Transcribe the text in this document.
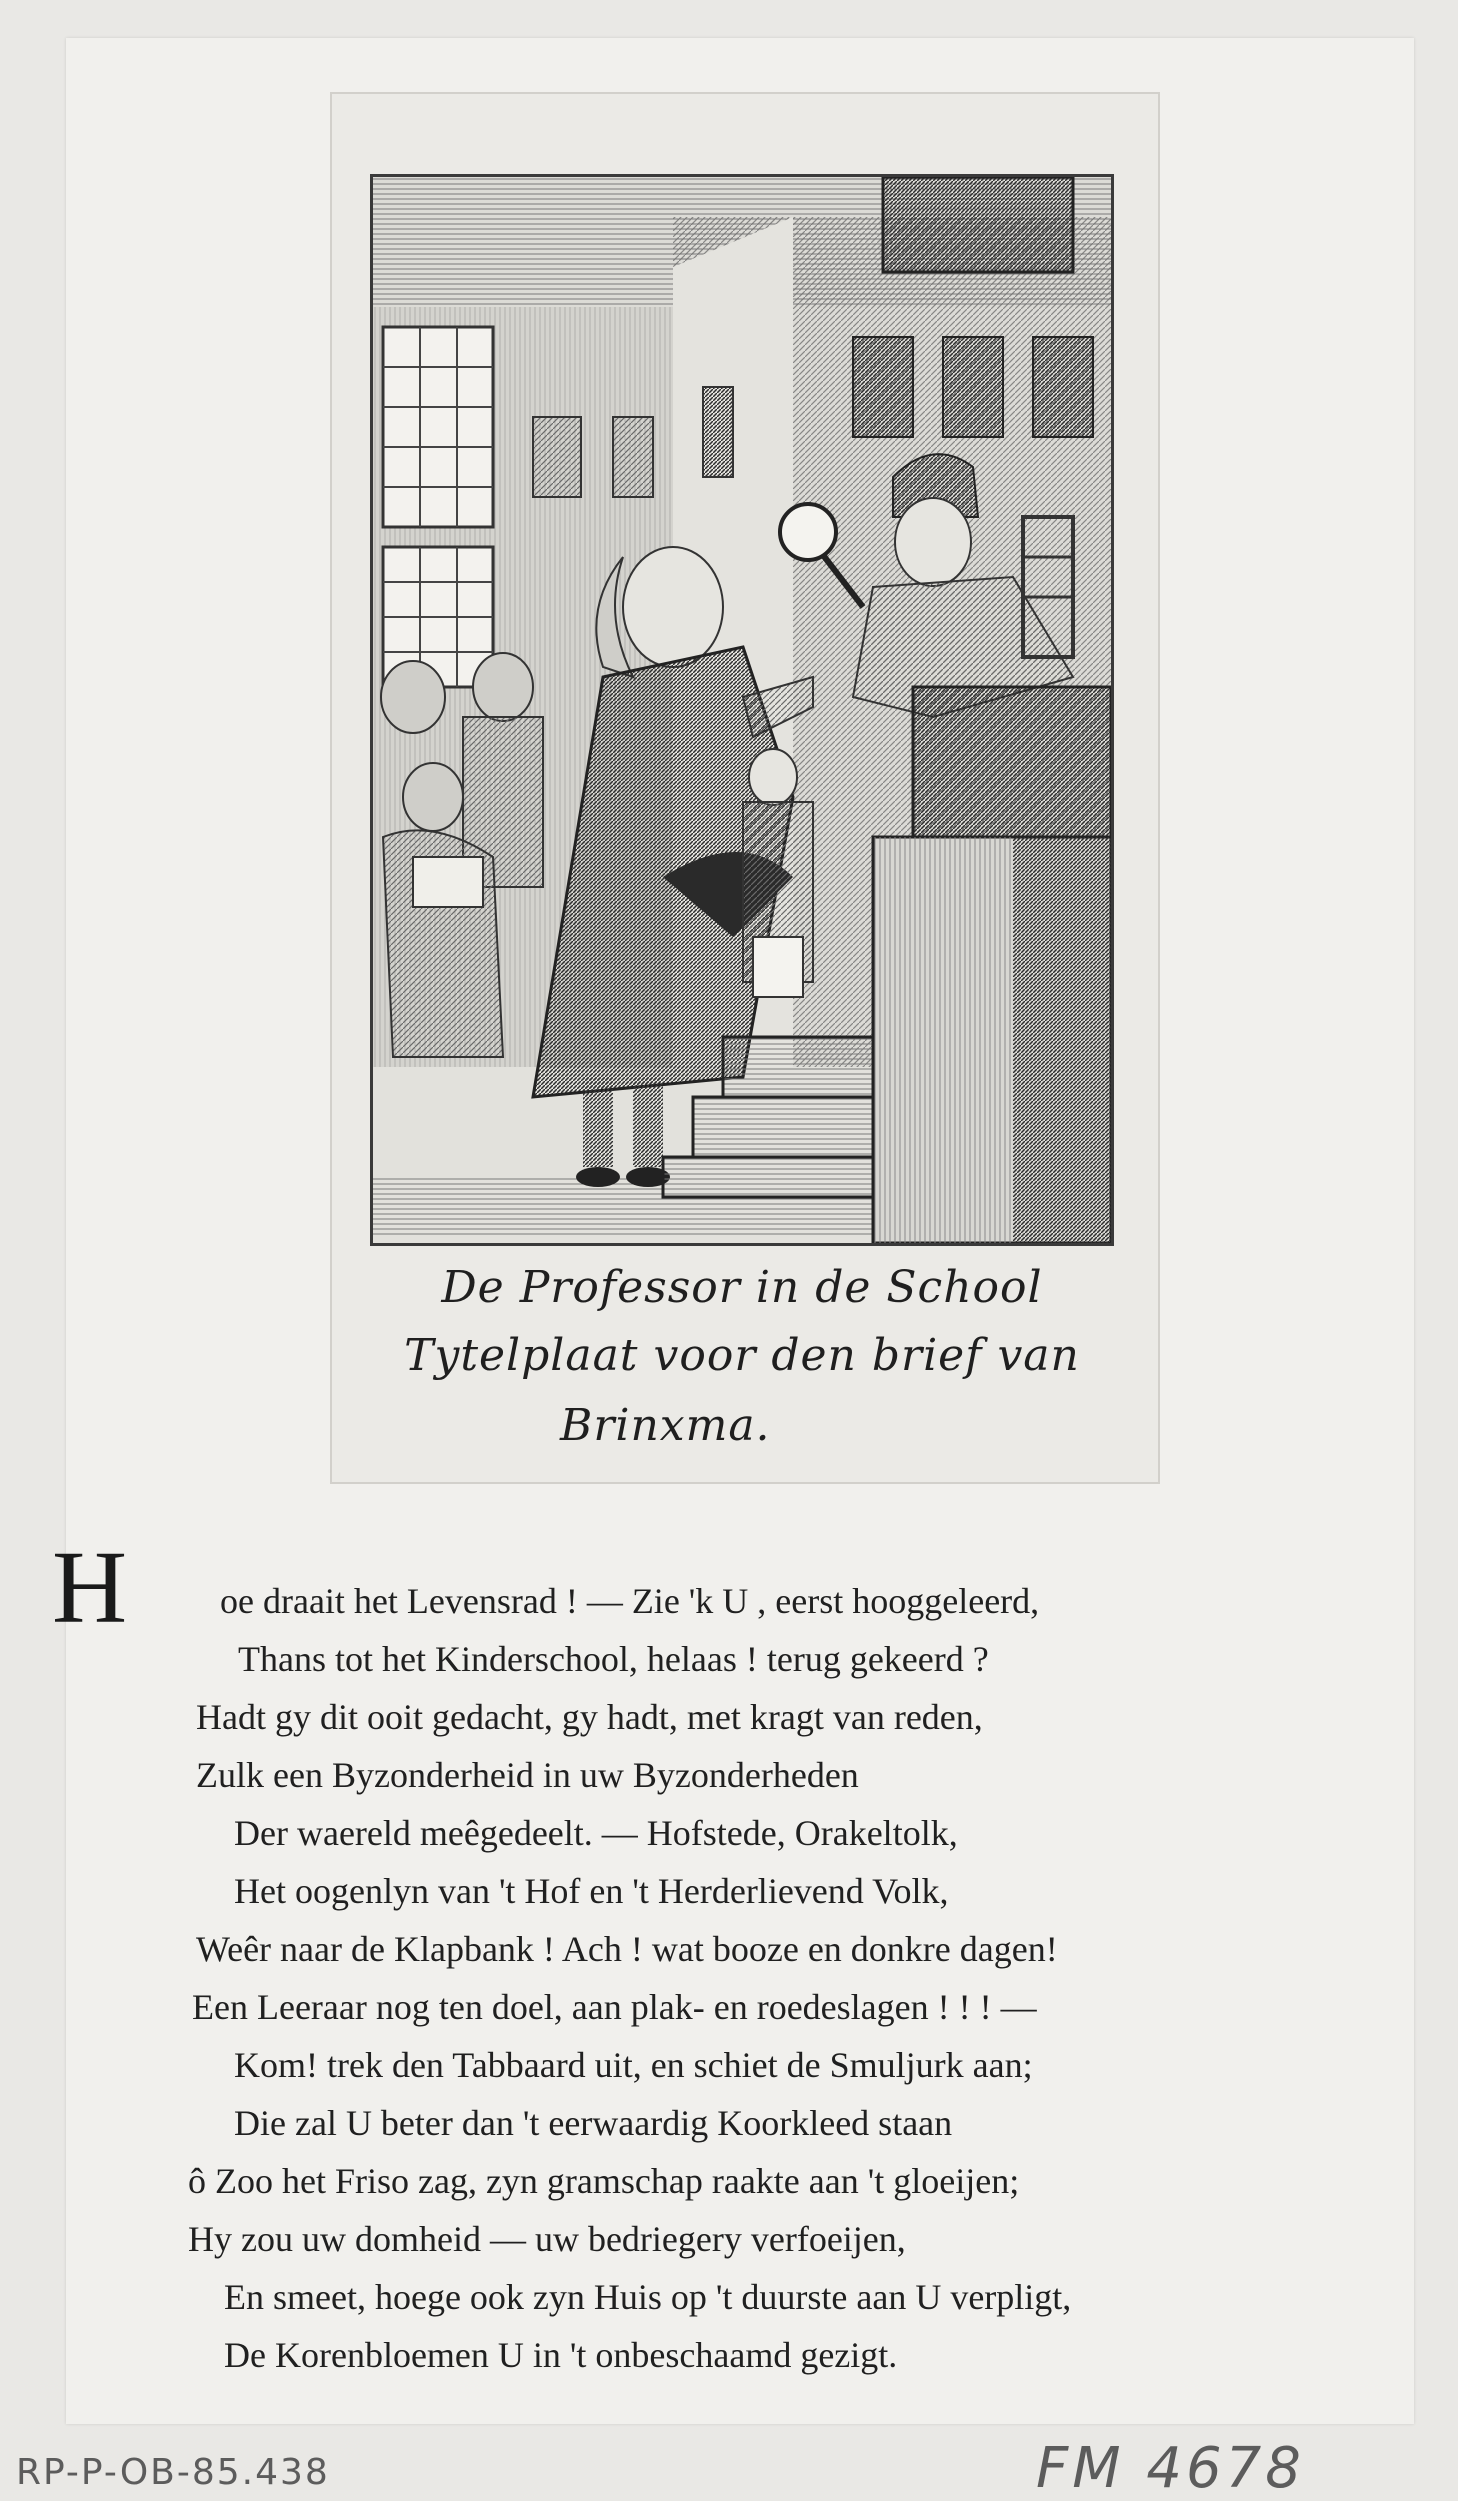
De Professor in de School
Tytelplaat voor den brief van
Brinxma.
H	oe draait het Levensrad ! — Zie 'k U , eerst hooggeleerd,
Thans tot het Kinderschool, helaas ! terug gekeerd ?
Hadt gy dit ooit gedacht, gy hadt, met kragt van reden,
Zulk een Byzonderheid in uw Byzonderheden
Der waereld meêgedeelt. — Hofstede, Orakeltolk,
Het oogenlyn van 't Hof en 't Herderlievend Volk,
Weêr naar de Klapbank ! Ach ! wat booze en donkre dagen!
Een Leeraar nog ten doel, aan plak- en roedeslagen ! ! ! —
Kom! trek den Tabbaard uit, en schiet de Smuljurk aan;
Die zal U beter dan 't eerwaardig Koorkleed staan
ô Zoo het Friso zag, zyn gramschap raakte aan 't gloeijen;
Hy zou uw domheid — uw bedriegery verfoeijen,
En smeet, hoege ook zyn Huis op 't duurste aan U verpligt,
De Korenbloemen U in 't onbeschaamd gezigt.
RP-P-OB-85.438	FM 4678
